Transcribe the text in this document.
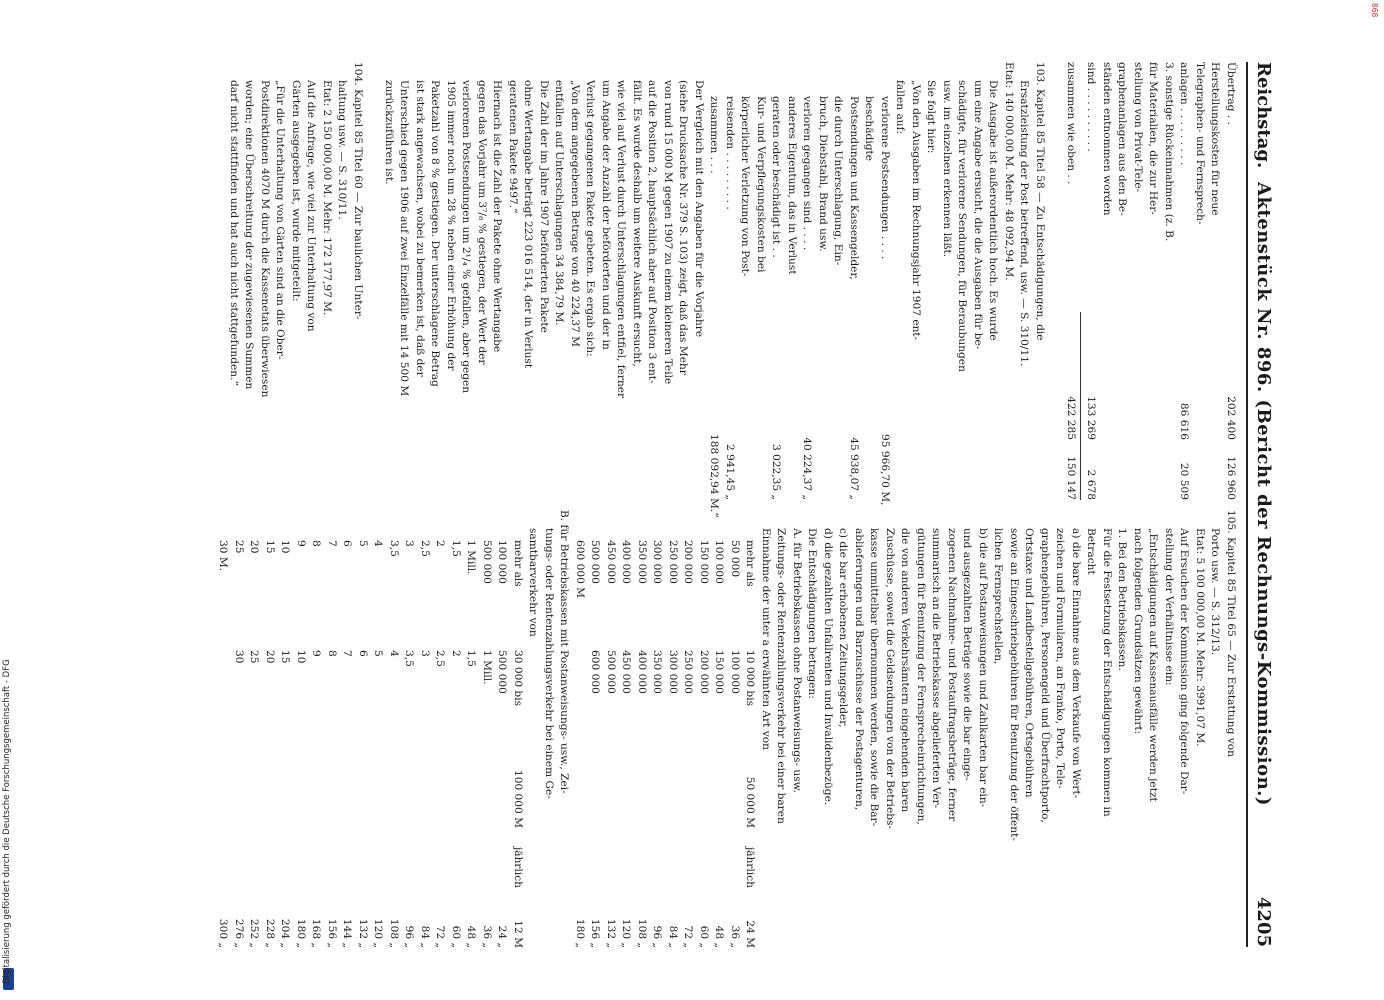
Reichstag.
Aktenstück Nr. 896. (Bericht der Rechnungs-Kommission.)
4205
Übertrag . .
202 400
126 960
Herstellungskosten für neue
Telegraphen- und Fernsprech-
anlagen . . . . . . . . .
86 616
20 509
3. sonstige Rückeinnahmen (z. B.
für Materialien, die zur Her-
stellung von Privat-Tele-
graphenanlagen aus den Be-
ständen entnommen worden
sind . . . . . . . . . .
133 269
2 678
zusammen wie oben . .
422 285
150 147
103. Kapitel 85 Titel 58 — Zu Entschädigungen, die
Ersatzleistung der Post betreffend, usw. — S. 310/11.
Etat: 140 000,00 M. Mehr: 48 092,94 M.
Die Ausgabe ist außerordentlich hoch. Es wurde
um eine Angabe ersucht, die die Ausgaben für be-
schädigte, für verlorene Sendungen, für Beraubungen
usw. im einzelnen erkennen läßt.
Sie folgt hier:
„Von den Ausgaben im Rechnungsjahr 1907 ent-
fallen auf:
verlorene Postsendungen . . . .
95 966,70 M,
beschädigte
Postsendungen und Kassengelder,
45 938,07 „
die durch Unterschlagung, Ein-
bruch, Diebstahl, Brand usw.
verloren gegangen sind . . . .
40 224,37 „
anderes Eigentum, das in Verlust
geraten oder beschädigt ist . .
3 022,35 „
Kur- und Verpflegungskosten bei
körperlicher Verletzung von Post-
reisenden . . . . . . . . .
2 941,45 „
zusammen . . .
188 092,94 M.“
Der Vergleich mit den Angaben für die Vorjahre
(siehe Drucksache Nr. 379 S. 103) zeigt, daß das Mehr
von rund 15 000 M gegen 1907 zu einem kleineren Teile
auf die Position 2, hauptsächlich aber auf Position 3 ent-
fällt. Es wurde deshalb um weitere Auskunft ersucht,
wie viel auf Verlust durch Unterschlagungen entfiel, ferner
um Angabe der Anzahl der beförderten und der in
Verlust gegangenen Pakete gebeten. Es ergab sich:
„Von dem angegebenen Betrage von 40 224,37 M
entfallen auf Unterschlagungen 34 384,79 M.
Die Zahl der im Jahre 1907 beförderten Pakete
ohne Wertangabe beträgt 223 016 514, der in Verlust
geratenen Pakete 9497.“
Hiernach ist die Zahl der Pakete ohne Wertangabe
gegen das Vorjahr um 3⁷/₈ % gestiegen, der Wert der
verlorenen Postsendungen um 2¹/₄ % gefallen, aber gegen
1905 immer noch um 28 % neben einer Erhöhung der
Paketzahl von 8 % gestiegen. Der unterschlagene Betrag
ist stark angewachsen, wobei zu bemerken ist, daß der
Unterschied gegen 1906 auf zwei Einzelfälle mit 14 500 M
zurückzuführen ist.
104. Kapitel 85 Titel 60 — Zur baulichen Unter-
haltung usw. — S. 310/11.
Etat: 2 150 000,00 M. Mehr: 172 177,97 M.
Auf die Anfrage, wie viel zur Unterhaltung von
Gärten ausgegeben ist, wurde mitgeteilt:
„Für die Unterhaltung von Gärten sind an die Ober-
Postdirektionen 4070 M durch die Kassenetats überwiesen
worden; eine Überschreitung der zugewiesenen Summen
darf nicht stattfinden und hat auch nicht stattgefunden.“
105. Kapitel 85 Titel 65 — Zur Erstattung von
Porto usw. — S. 312/13.
Etat: 5 100 000,00 M. Mehr: 3991,07 M.
Auf Ersuchen der Kommission ging folgende Dar-
stellung der Verhältnisse ein:
„Entschädigungen auf Kassenausfälle werden jetzt
nach folgenden Grundsätzen gewährt:
1. Bei den Betriebskassen.
Für die Festsetzung der Entschädigungen kommen in
Betracht
a) die bare Einnahme aus dem Verkaufe von Wert-
zeichen und Formularen, an Franko, Porto, Tele-
graphengebühren, Personengeld und Überfrachtporto,
Ortstaxe und Landbestellgebühren, Ortsgebühren
sowie an Eingeschriebgebühren für Benutzung der öffent-
lichen Fernsprechstellen,
b) die auf Postanweisungen und Zahlkarten bar ein-
und ausgezahlten Beträge sowie die bar einge-
zogenen Nachnahme- und Postauftragsbeträge, ferner
summarisch an die Betriebskasse abgelieferten Ver-
gütungen für Benutzung der Fernsprecheinrichtungen,
die von anderen Verkehrsämtern eingehenden baren
Zuschüsse, soweit die Geldsendungen von der Betriebs-
kasse unmittelbar übernommen werden, sowie die Bar-
ablieferungen und Barzuschüsse der Postagenturen,
c) die bar erhobenen Zeitungsgelder,
d) die gezahlten Unfallrenten und Invalidenbezüge.
Die Entschädigungen betragen:
A. für Betriebskassen ohne Postanweisungs- usw.
Zeitungs- oder Rentenzahlungsverkehr bei einer baren
Einnahme der unter a erwähnten Art von
mehr als
10 000 bis
50 000 M
jährlich
24 M
50 000
100 000
36 „
100 000
150 000
48 „
150 000
200 000
60 „
200 000
250 000
72 „
250 000
300 000
84 „
300 000
350 000
96 „
350 000
400 000
108 „
400 000
450 000
120 „
450 000
500 000
132 „
500 000
600 000
156 „
600 000 M
180 „
B. für Betriebskassen mit Postanweisungs- usw., Zei-
tungs- oder Rentenzahlungsverkehr bei einem Ge-
samtbarverkehr von
mehr als
30 000 bis
100 000 M
jährlich
12 M
100 000
500 000
24 „
500 000
1 Mill.
36 „
1 Mill.
1,5
48 „
1,5
2
60 „
2
2,5
72 „
2,5
3
84 „
3
3,5
96 „
3,5
4
108 „
4
5
120 „
5
6
132 „
6
7
144 „
7
8
156 „
8
9
168 „
9
10
180 „
10
15
204 „
15
20
228 „
20
25
252 „
25
30
276 „
30 M.
300 „
Digitalisierung gefördert durch die Deutsche Forschungsgemeinschaft - DFG
868
